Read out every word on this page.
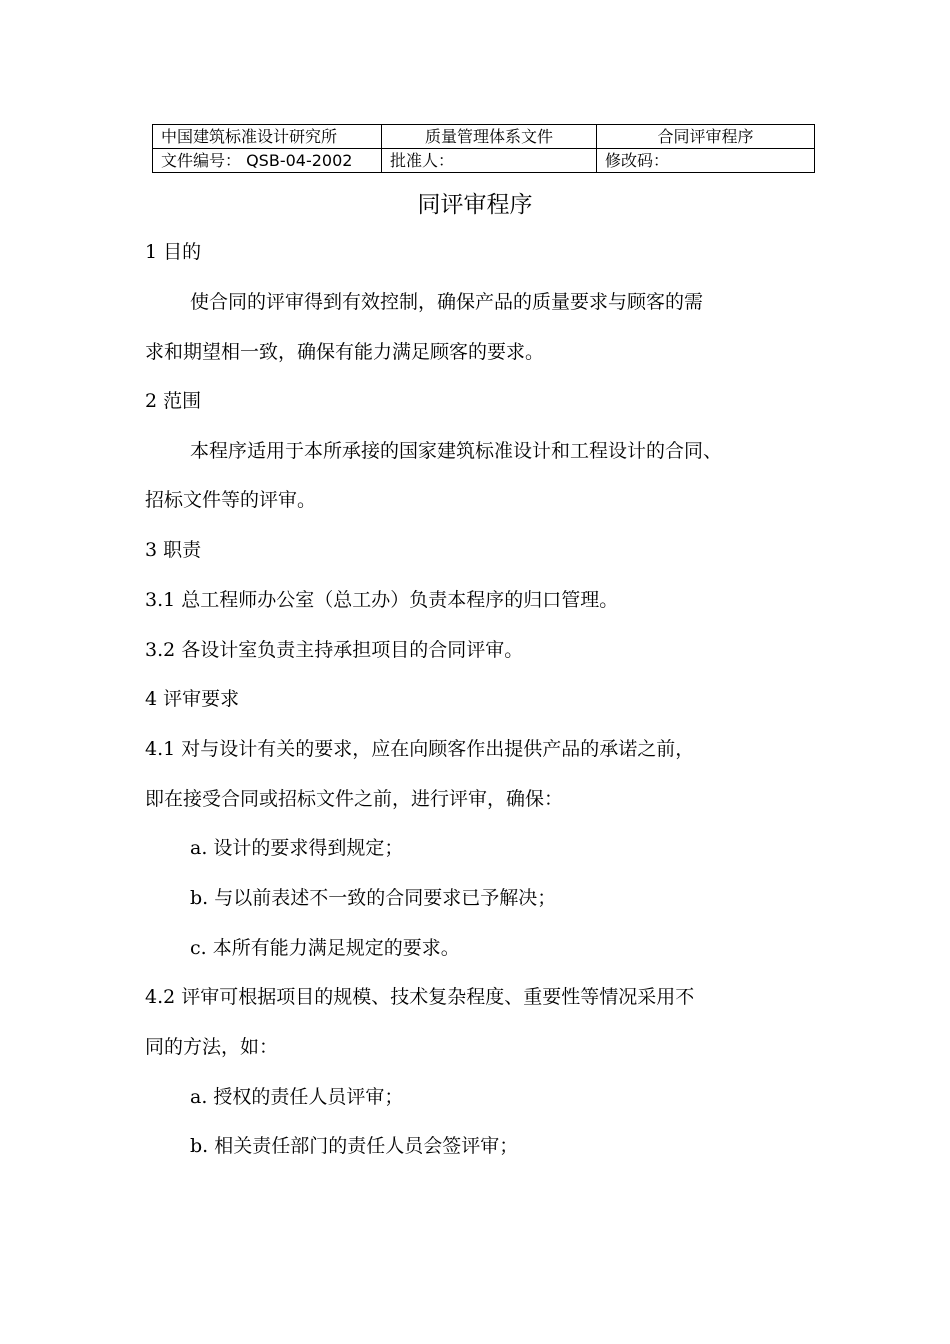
中国建筑标准设计研究所	质量管理体系文件	合同评审程序
文件编号： QSB-04-2002	批准人：	修改码：
同评审程序
1 目的
使合同的评审得到有效控制，确保产品的质量要求与顾客的需
求和期望相一致，确保有能力满足顾客的要求。
2 范围
本程序适用于本所承接的国家建筑标准设计和工程设计的合同、
招标文件等的评审。
3 职责
3.1 总工程师办公室（总工办）负责本程序的归口管理。
3.2 各设计室负责主持承担项目的合同评审。
4 评审要求
4.1 对与设计有关的要求，应在向顾客作出提供产品的承诺之前，
即在接受合同或招标文件之前，进行评审，确保：
a. 设计的要求得到规定；
b. 与以前表述不一致的合同要求已予解决；
c. 本所有能力满足规定的要求。
4.2 评审可根据项目的规模、技术复杂程度、重要性等情况采用不
同的方法，如：
a. 授权的责任人员评审；
b. 相关责任部门的责任人员会签评审；
